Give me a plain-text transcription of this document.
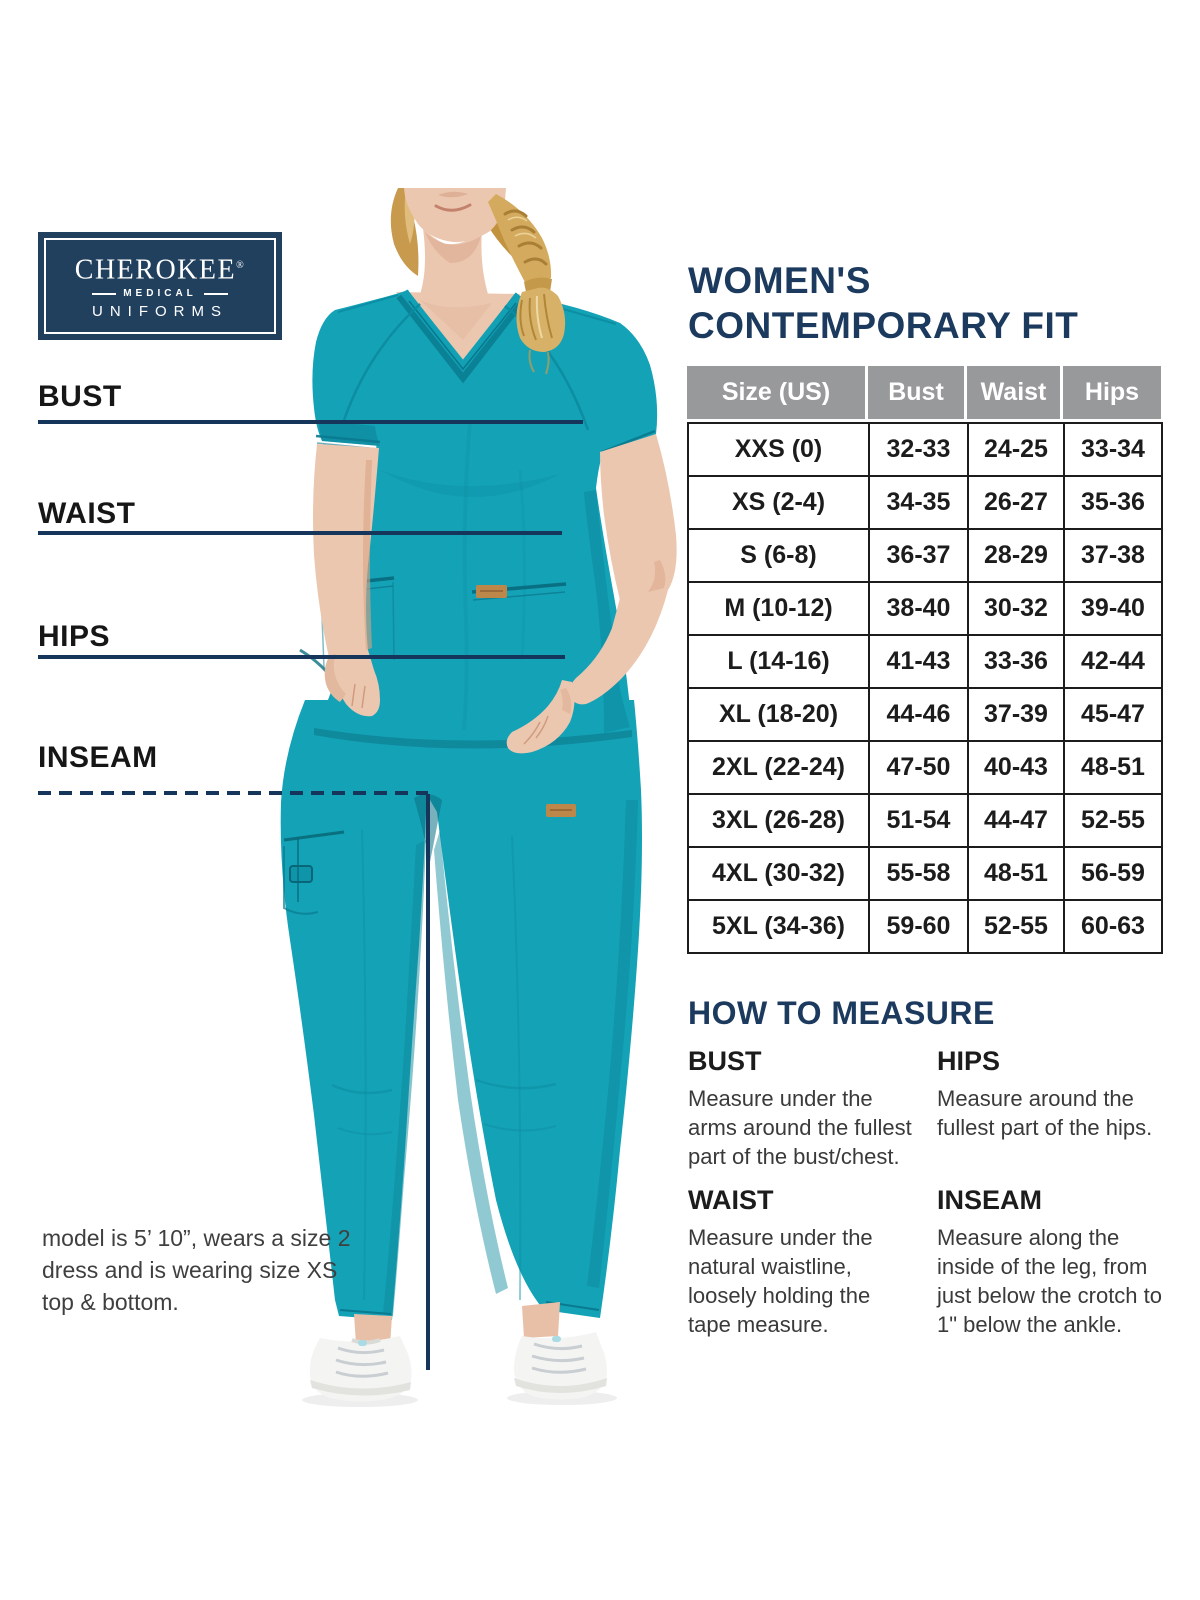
CHEROKEE®
MEDICAL
UNIFORMS
BUST
WAIST
HIPS
INSEAM
WOMEN'S
CONTEMPORARY FIT
Size (US)	Bust	Waist	Hips
XXS (0)	32-33	24-25	33-34
XS (2-4)	34-35	26-27	35-36
S (6-8)	36-37	28-29	37-38
M (10-12)	38-40	30-32	39-40
L (14-16)	41-43	33-36	42-44
XL (18-20)	44-46	37-39	45-47
2XL (22-24)	47-50	40-43	48-51
3XL (26-28)	51-54	44-47	52-55
4XL (30-32)	55-58	48-51	56-59
5XL (34-36)	59-60	52-55	60-63
HOW TO MEASURE
BUST
Measure under the arms around the fullest part of the bust/chest.
HIPS
Measure around the fullest part of the hips.
WAIST
Measure under the natural waistline, loosely holding the tape measure.
INSEAM
Measure along the inside of the leg, from just below the crotch to 1" below the ankle.
model is 5’ 10”, wears a size 2 dress and is wearing size XS top & bottom.
